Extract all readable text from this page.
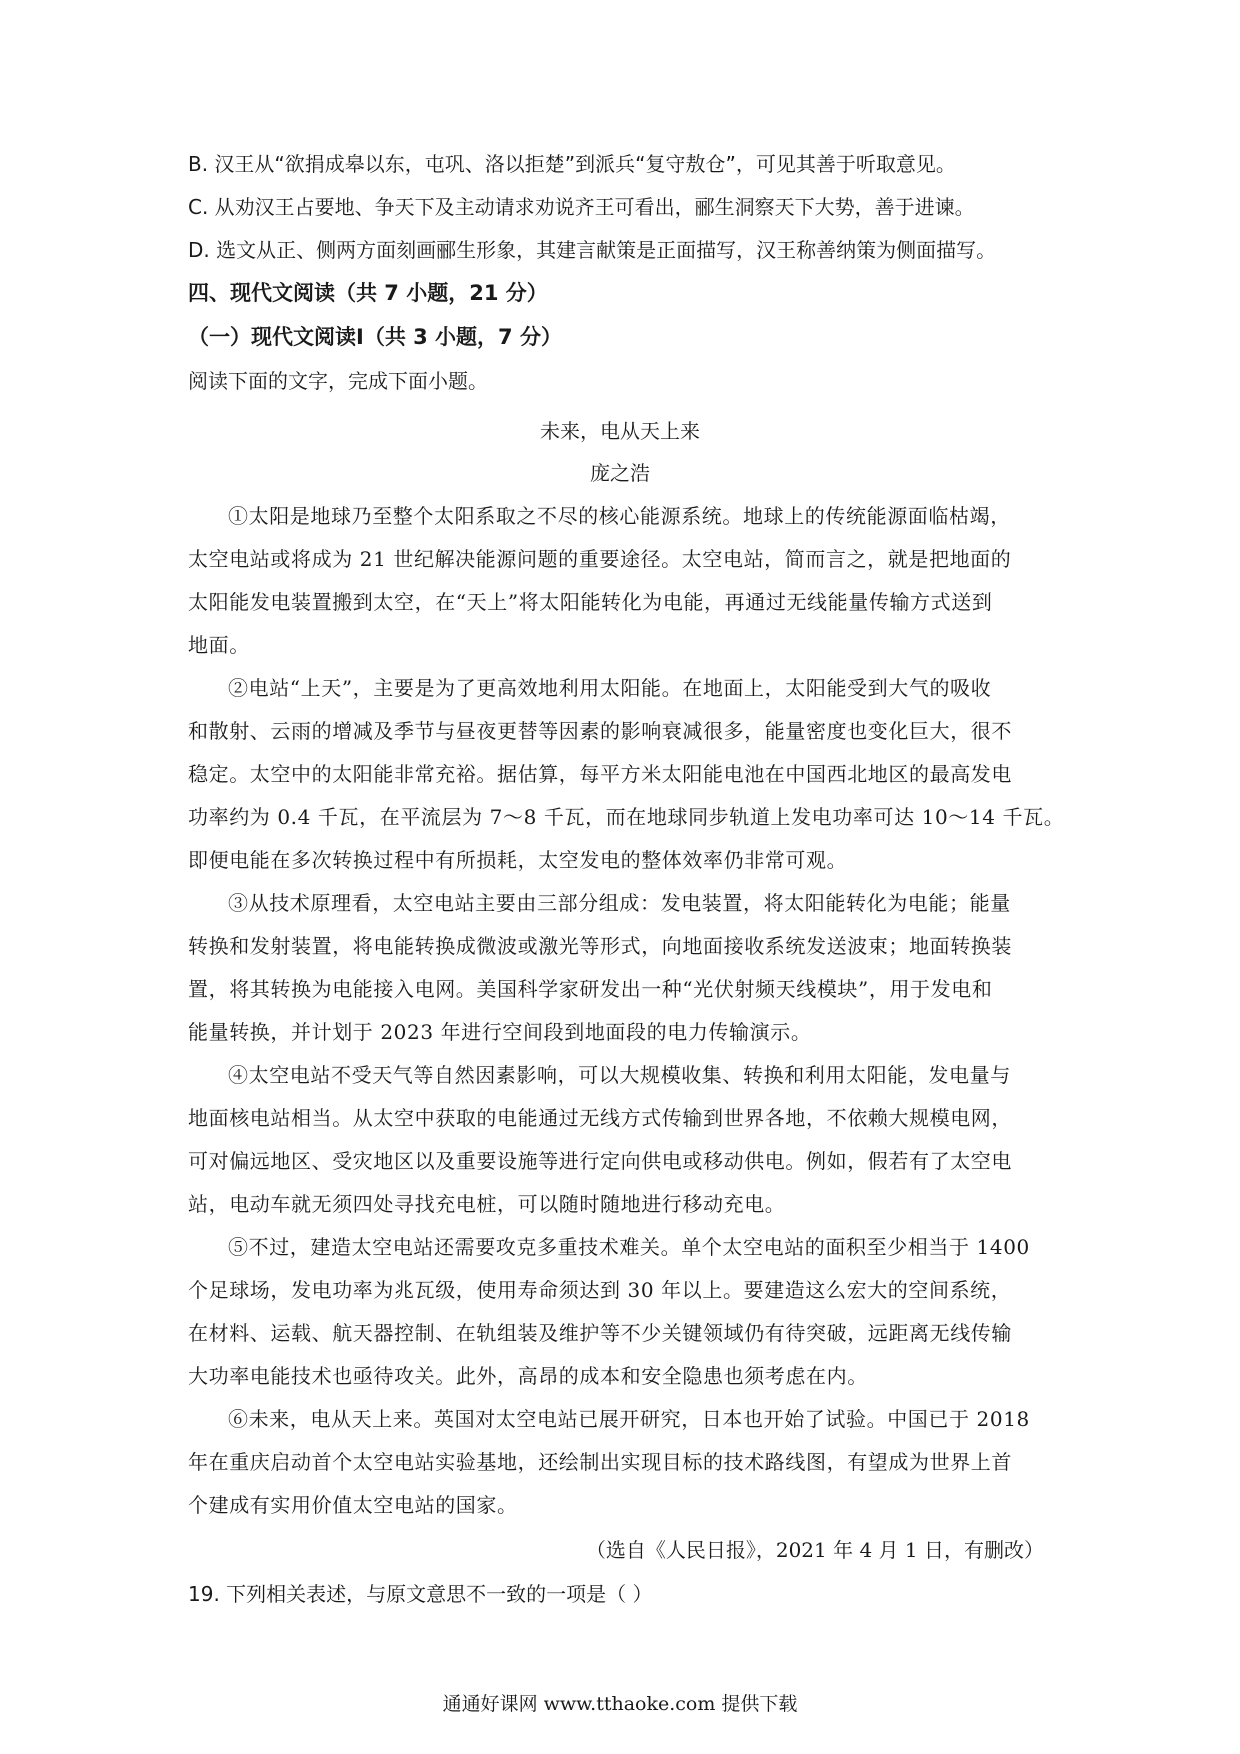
B. 汉王从“欲捐成皋以东，屯巩、洛以拒楚”到派兵“复守敖仓”，可见其善于听取意见。
C. 从劝汉王占要地、争天下及主动请求劝说齐王可看出，郦生洞察天下大势，善于进谏。
D. 选文从正、侧两方面刻画郦生形象，其建言献策是正面描写，汉王称善纳策为侧面描写。
四、现代文阅读（共 7 小题，21 分）
（一）现代文阅读Ⅰ（共 3 小题，7 分）
阅读下面的文字，完成下面小题。
未来，电从天上来
庞之浩
①太阳是地球乃至整个太阳系取之不尽的核心能源系统。地球上的传统能源面临枯竭，
太空电站或将成为 21 世纪解决能源问题的重要途径。太空电站，简而言之，就是把地面的
太阳能发电装置搬到太空，在“天上”将太阳能转化为电能，再通过无线能量传输方式送到
地面。
②电站“上天”，主要是为了更高效地利用太阳能。在地面上，太阳能受到大气的吸收
和散射、云雨的增减及季节与昼夜更替等因素的影响衰减很多，能量密度也变化巨大，很不
稳定。太空中的太阳能非常充裕。据估算，每平方米太阳能电池在中国西北地区的最高发电
功率约为 0.4 千瓦，在平流层为 7～8 千瓦，而在地球同步轨道上发电功率可达 10～14 千瓦。
即便电能在多次转换过程中有所损耗，太空发电的整体效率仍非常可观。
③从技术原理看，太空电站主要由三部分组成：发电装置，将太阳能转化为电能；能量
转换和发射装置，将电能转换成微波或激光等形式，向地面接收系统发送波束；地面转换装
置，将其转换为电能接入电网。美国科学家研发出一种“光伏射频天线模块”，用于发电和
能量转换，并计划于 2023 年进行空间段到地面段的电力传输演示。
④太空电站不受天气等自然因素影响，可以大规模收集、转换和利用太阳能，发电量与
地面核电站相当。从太空中获取的电能通过无线方式传输到世界各地，不依赖大规模电网，
可对偏远地区、受灾地区以及重要设施等进行定向供电或移动供电。例如，假若有了太空电
站，电动车就无须四处寻找充电桩，可以随时随地进行移动充电。
⑤不过，建造太空电站还需要攻克多重技术难关。单个太空电站的面积至少相当于 1400
个足球场，发电功率为兆瓦级，使用寿命须达到 30 年以上。要建造这么宏大的空间系统，
在材料、运载、航天器控制、在轨组装及维护等不少关键领域仍有待突破，远距离无线传输
大功率电能技术也亟待攻关。此外，高昂的成本和安全隐患也须考虑在内。
⑥未来，电从天上来。英国对太空电站已展开研究，日本也开始了试验。中国已于 2018
年在重庆启动首个太空电站实验基地，还绘制出实现目标的技术路线图，有望成为世界上首
个建成有实用价值太空电站的国家。
（选自《人民日报》，2021 年 4 月 1 日，有删改）
19. 下列相关表述，与原文意思不一致的一项是（ ）
通通好课网 www.tthaoke.com 提供下载
